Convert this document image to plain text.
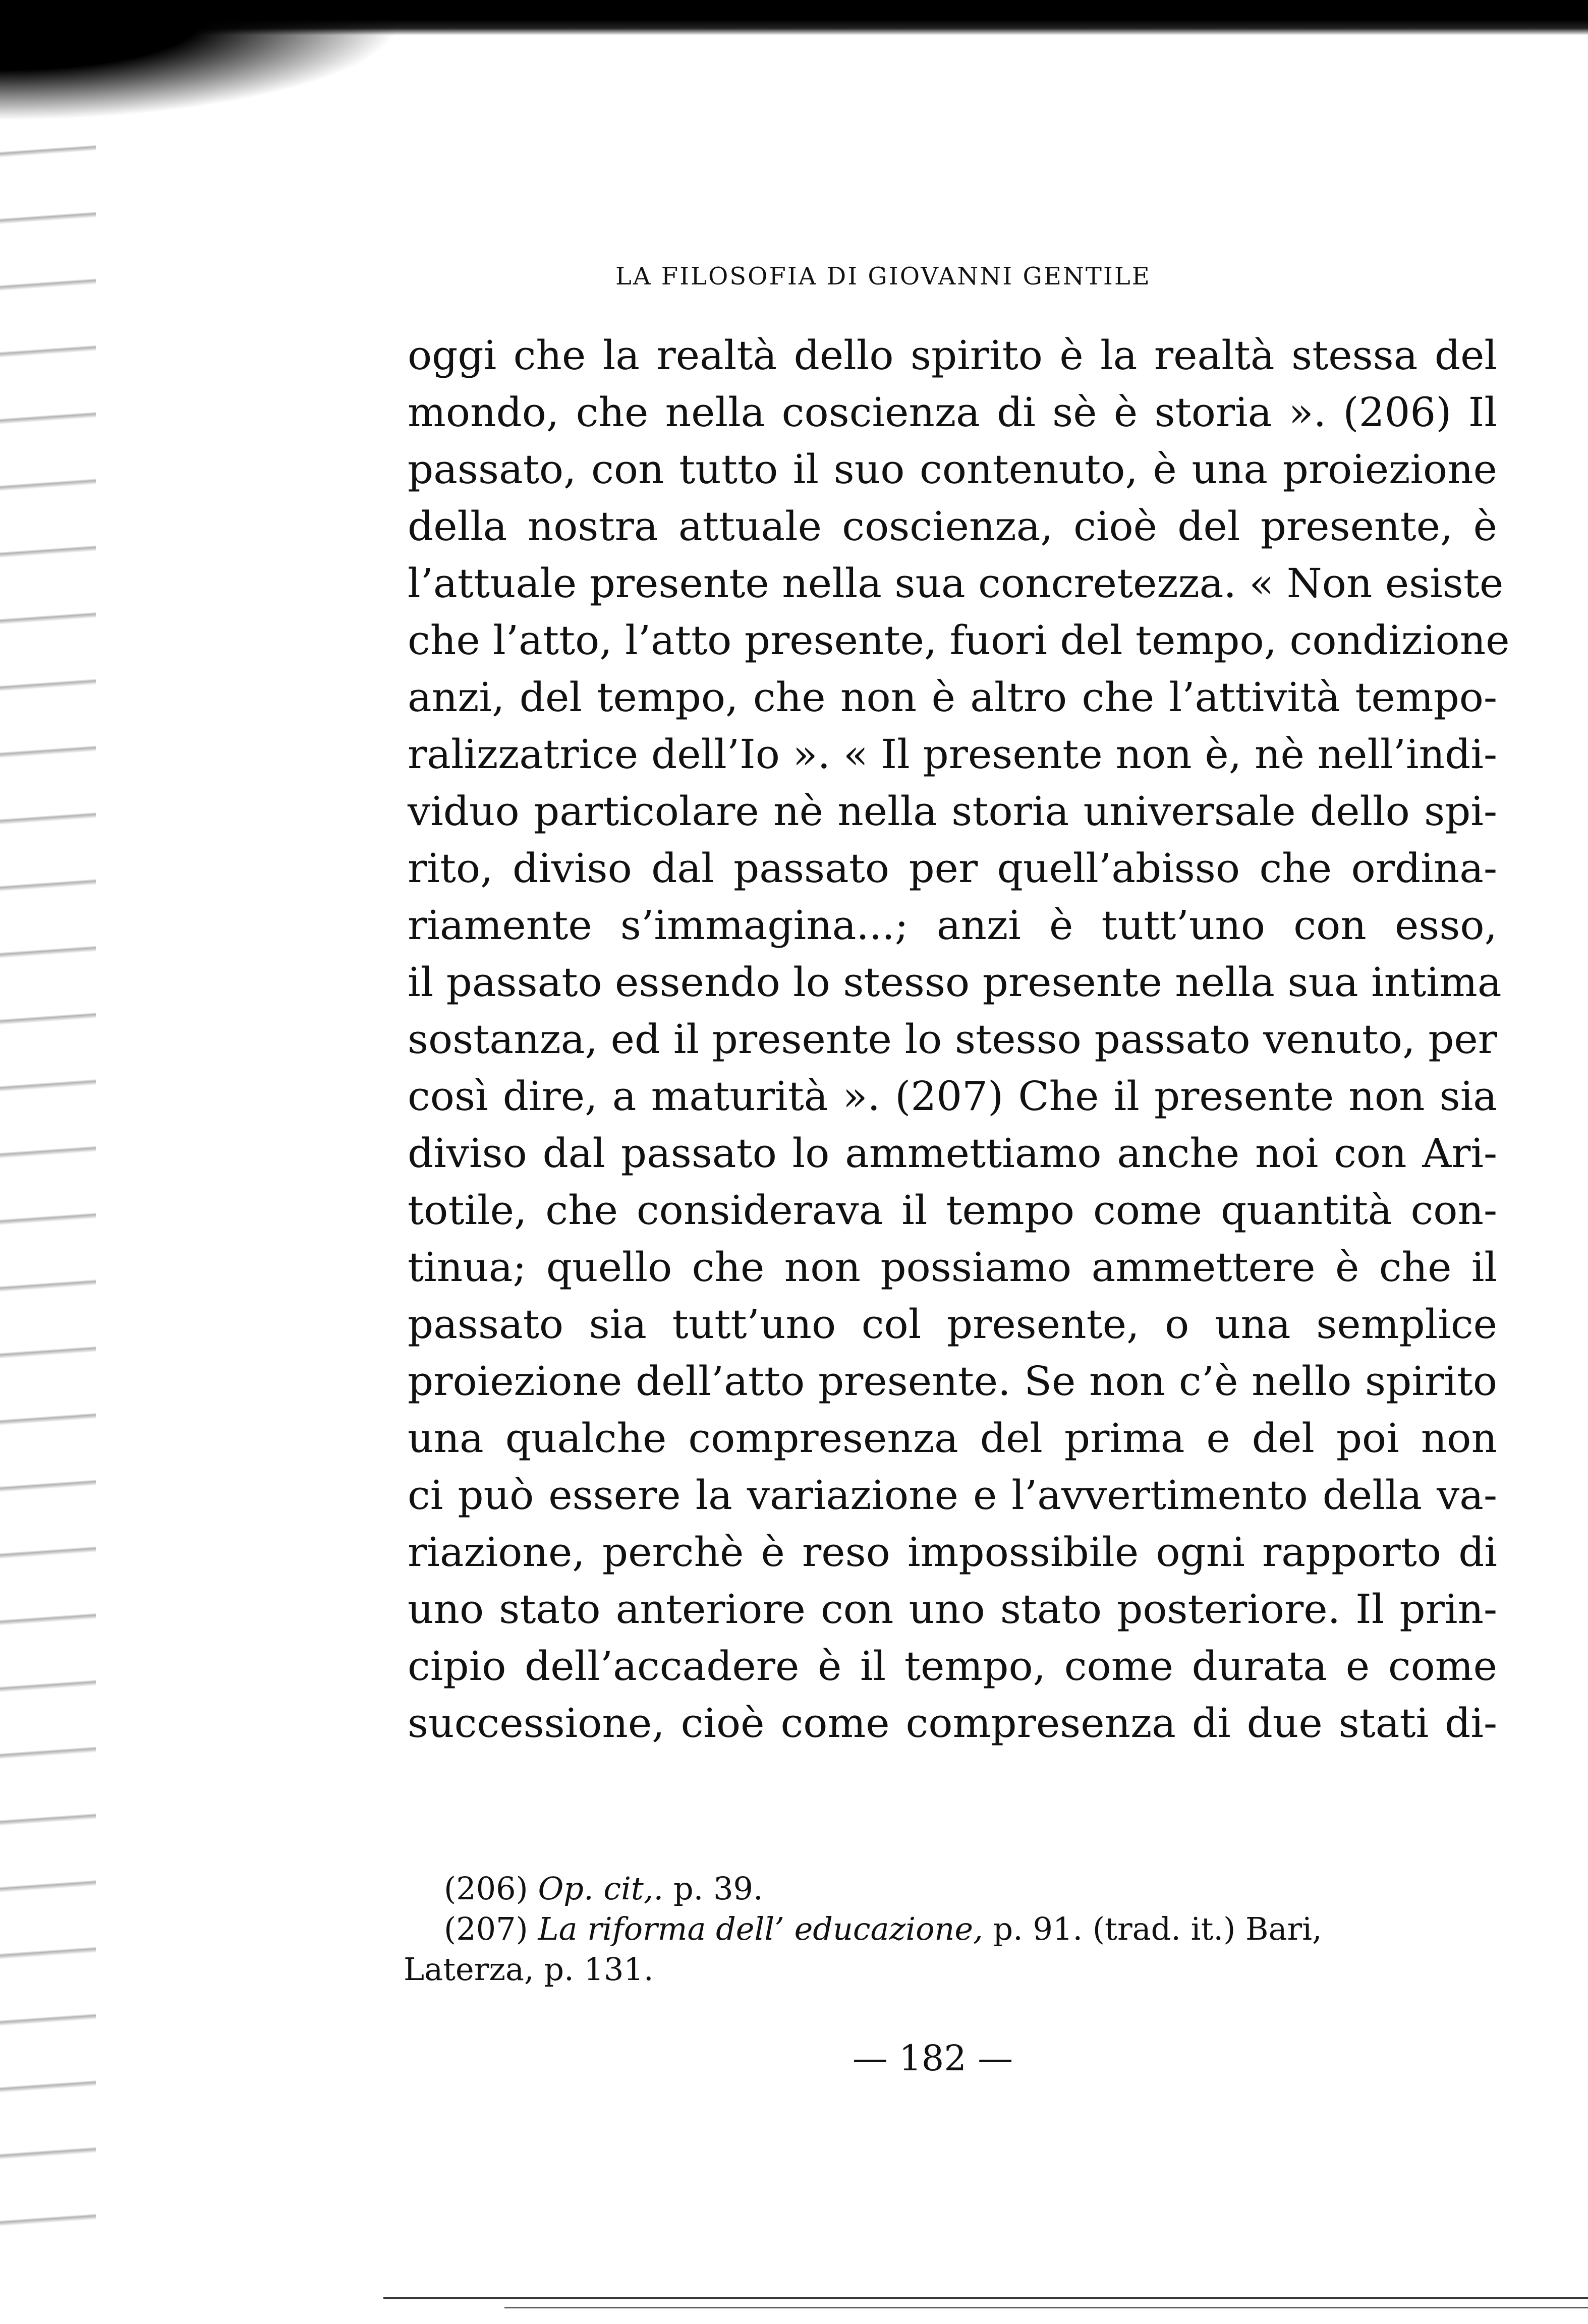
LA FILOSOFIA DI GIOVANNI GENTILE
oggi che la realtà dello spirito è la realtà stessa del
mondo, che nella coscienza di sè è storia ». (206) Il
passato, con tutto il suo contenuto, è una proiezione
della nostra attuale coscienza, cioè del presente, è
l’attuale presente nella sua concretezza. « Non esiste
che l’atto, l’atto presente, fuori del tempo, condizione
anzi, del tempo, che non è altro che l’attività tempo-
ralizzatrice dell’Io ». « Il presente non è, nè nell’indi-
viduo particolare nè nella storia universale dello spi-
rito, diviso dal passato per quell’abisso che ordina-
riamente s’immagina...; anzi è tutt’uno con esso,
il passato essendo lo stesso presente nella sua intima
sostanza, ed il presente lo stesso passato venuto, per
così dire, a maturità ». (207) Che il presente non sia
diviso dal passato lo ammettiamo anche noi con Ari-
totile, che considerava il tempo come quantità con-
tinua; quello che non possiamo ammettere è che il
passato sia tutt’uno col presente, o una semplice
proiezione dell’atto presente. Se non c’è nello spirito
una qualche compresenza del prima e del poi non
ci può essere la variazione e l’avvertimento della va-
riazione, perchè è reso impossibile ogni rapporto di
uno stato anteriore con uno stato posteriore. Il prin-
cipio dell’accadere è il tempo, come durata e come
successione, cioè come compresenza di due stati di-
(206) Op. cit,. p. 39.
(207) La riforma dell’ educazione, p. 91. (trad. it.) Bari,
Laterza, p. 131.
— 182 —
